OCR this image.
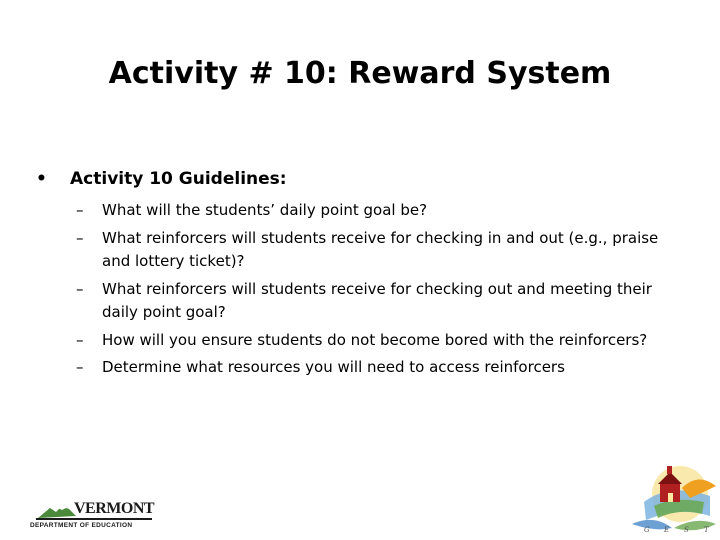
Activity # 10: Reward System
•	Activity 10 Guidelines:
– What will the students’ daily point goal be?
– What reinforcers will students receive for checking in and out (e.g., praise and lottery ticket)?
– What reinforcers will students receive for checking out and meeting their daily point goal?
– How will you ensure students do not become bored with the reinforcers?
– Determine what resources you will need to access reinforcers
VERMONT
DEPARTMENT OF EDUCATION
G E S T
